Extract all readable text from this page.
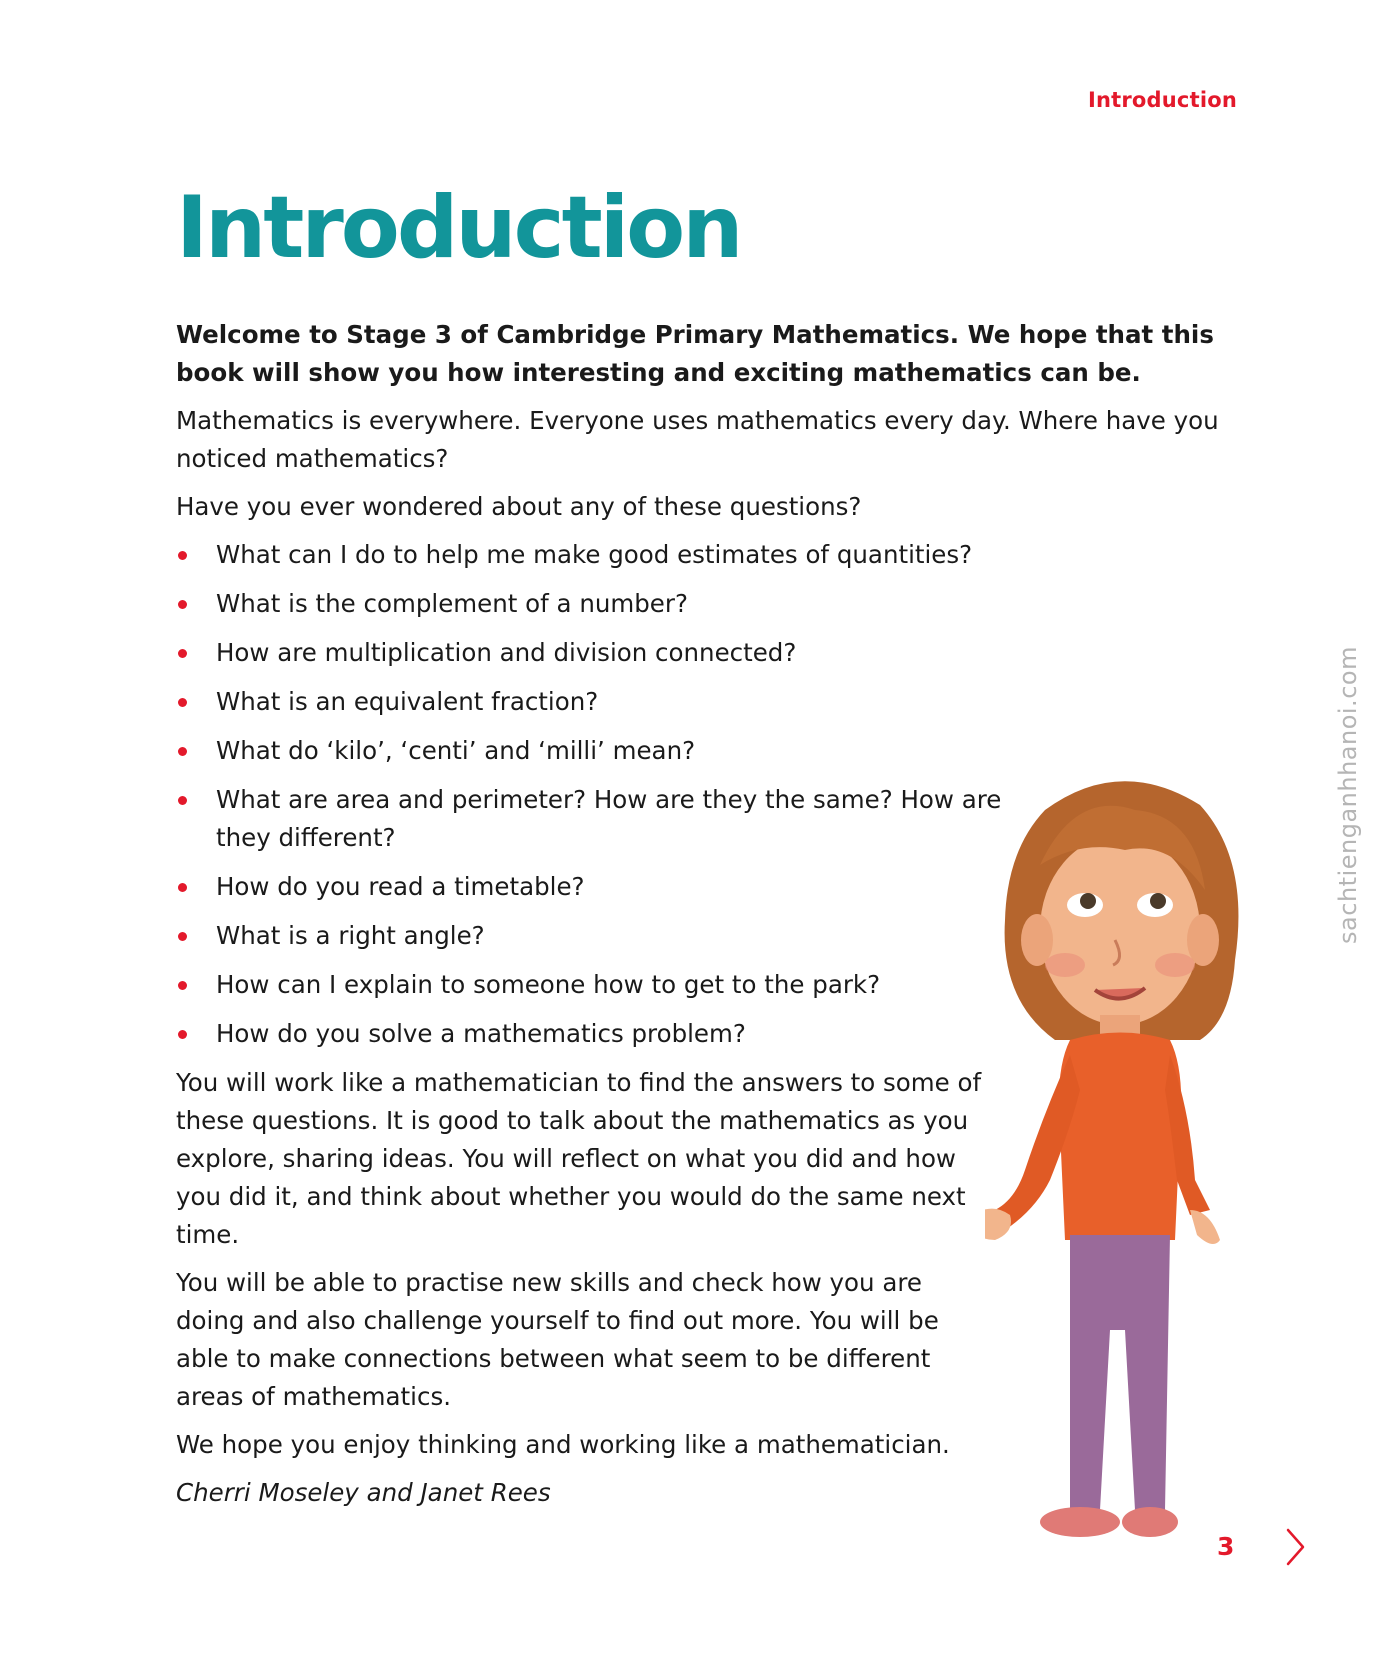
Introduction
Introduction

Welcome to Stage 3 of Cambridge Primary Mathematics. We hope that this book will show you how interesting and exciting mathematics can be.

Mathematics is everywhere. Everyone uses mathematics every day. Where have you noticed mathematics?

Have you ever wondered about any of these questions?

What can I do to help me make good estimates of quantities?
What is the complement of a number?
How are multiplication and division connected?
What is an equivalent fraction?
What do ‘kilo’, ‘centi’ and ‘milli’ mean?
What are area and perimeter? How are they the same? How are they different?
How do you read a timetable?
What is a right angle?
How can I explain to someone how to get to the park?
How do you solve a mathematics problem?

You will work like a mathematician to find the answers to some of these questions. It is good to talk about the mathematics as you explore, sharing ideas. You will reflect on what you did and how you did it, and think about whether you would do the same next time.

You will be able to practise new skills and check how you are doing and also challenge yourself to find out more. You will be able to make connections between what seem to be different areas of mathematics.

We hope you enjoy thinking and working like a mathematician.

Cherri Moseley and Janet Rees

sachtienganhhanoi.com
3
